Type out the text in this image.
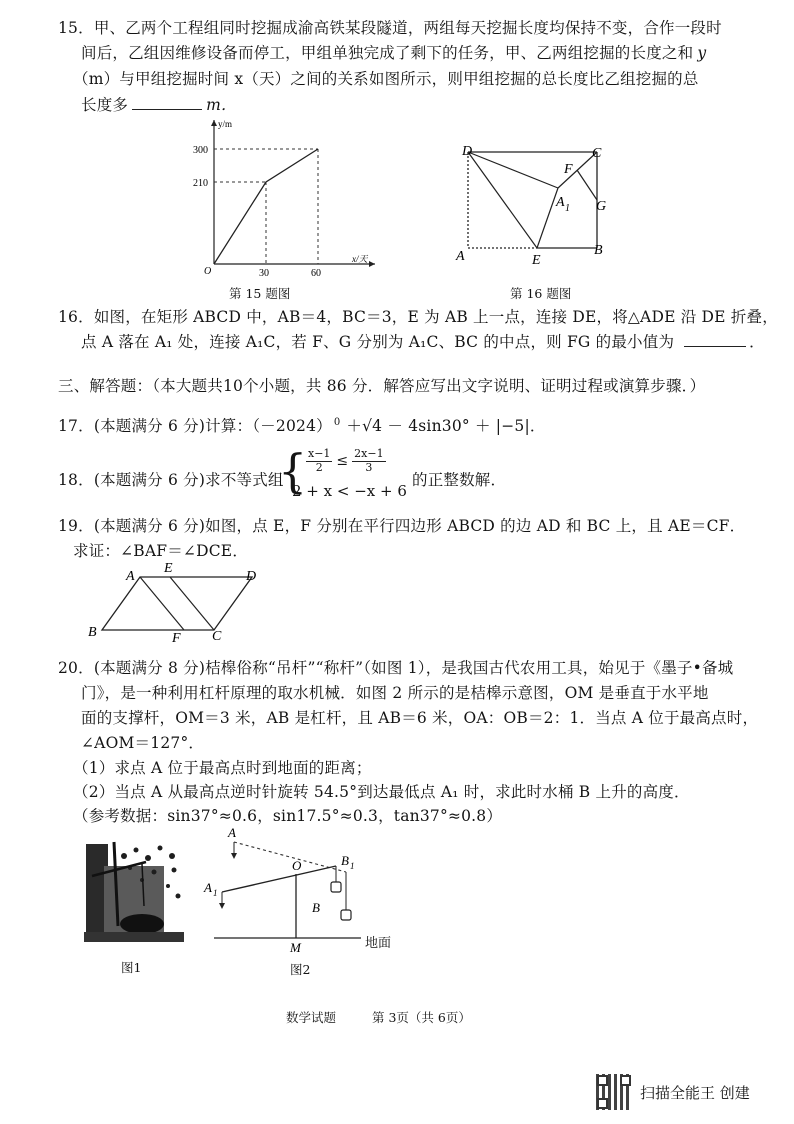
15．甲、乙两个工程组同时挖掘成渝高铁某段隧道，两组每天挖掘长度均保持不变，合作一段时
间后，乙组因维修设备而停工，甲组单独完成了剩下的任务，甲、乙两组挖掘的长度之和 y
（m）与甲组挖掘时间 x（天）之间的关系如图所示，则甲组挖掘的总长度比乙组挖掘的总
长度多	m．
y/m
x/天
300
210
30	60
O
第 15 题图
D	C
F
A 1 G
A	E
B
第 16 题图
16．如图，在矩形 ABCD 中，AB＝4，BC＝3，E 为 AB 上一点，连接 DE，将△ADE 沿 DE 折叠，
点 A 落在 A₁ 处，连接 A₁C，若 F、G 分别为 A₁C、BC 的中点，则 FG 的最小值为	．
三、解答题：（本大题共10个小题，共 86 分．解答应写出文字说明、证明过程或演算步骤．）
17．(本题满分 6 分)计算：（－2024） $^0$ ＋√4 － 4sin30° ＋ |−5|．
18．(本题满分 6 分)求不等式组
{
$\frac{x-1}{2} \le \frac{2x-1}{3}$
2 + x < −x + 6
的正整数解．
19．(本题满分 6 分)如图，点 E，F 分别在平行四边形 ABCD 的边 AD 和 BC 上，且 AE＝CF．
求证：∠BAF＝∠DCE．
A
E
D
B	F C
20．(本题满分 8 分)桔槔俗称“吊杆”“称杆”（如图 1），是我国古代农用工具，始见于《墨子•备城
门》，是一种利用杠杆原理的取水机械．如图 2 所示的是桔槔示意图，OM 是垂直于水平地
面的支撑杆，OM＝3 米，AB 是杠杆，且 AB＝6 米，OA：OB＝2：1．当点 A 位于最高点时，
∠AOM＝127°．
（1）求点 A 位于最高点时到地面的距离；
（2）当点 A 从最高点逆时针旋转 54.5°到达最低点 A₁ 时，求此时水桶 B 上升的高度．
（参考数据：sin37°≈0.6，sin17.5°≈0.3，tan37°≈0.8）
图1
A
O	B 1
A 1
B
M	地面
图2
数学试题	第 3页（共 6页）
扫描全能王 创建
